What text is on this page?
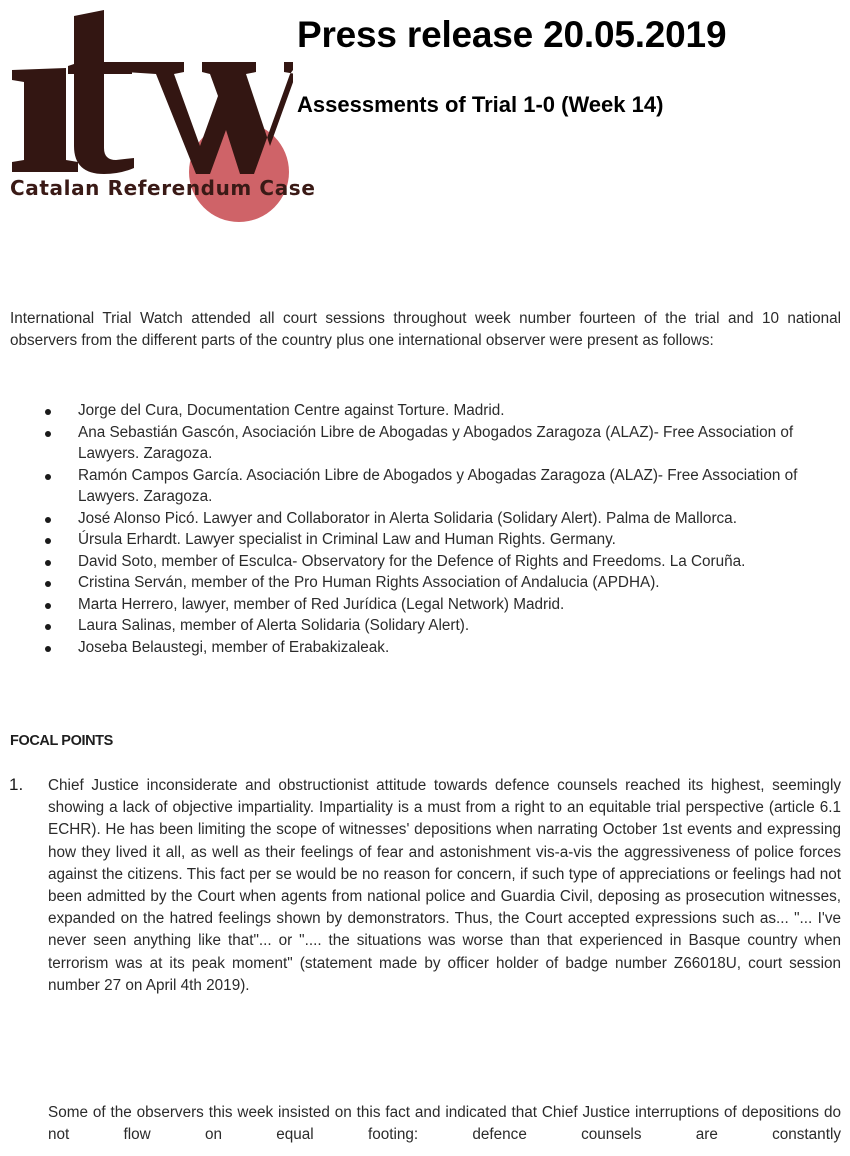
Catalan Referendum Case
Press release 20.05.2019
Assessments of Trial 1-0 (Week 14)

International Trial Watch attended all court sessions throughout week number fourteen of the trial and 10 national observers from the different parts of the country plus one international observer were present as follows:

Jorge del Cura, Documentation Centre against Torture. Madrid.
Ana Sebastián Gascón, Asociación Libre de Abogadas y Abogados Zaragoza (ALAZ)- Free Association of Lawyers. Zaragoza.
Ramón Campos García. Asociación Libre de Abogados y Abogadas Zaragoza (ALAZ)- Free Association of Lawyers. Zaragoza.
José Alonso Picó. Lawyer and Collaborator in Alerta Solidaria (Solidary Alert). Palma de Mallorca.
Úrsula Erhardt. Lawyer specialist in Criminal Law and Human Rights. Germany.
David Soto, member of Esculca- Observatory for the Defence of Rights and Freedoms. La Coruña.
Cristina Serván, member of the Pro Human Rights Association of Andalucia (APDHA).
Marta Herrero, lawyer, member of Red Jurídica (Legal Network) Madrid.
Laura Salinas, member of Alerta Solidaria (Solidary Alert).
Joseba Belaustegi, member of Erabakizaleak.
FOCAL POINTS
1. Chief Justice inconsiderate and obstructionist attitude towards defence counsels reached its highest, seemingly showing a lack of objective impartiality. Impartiality is a must from a right to an equitable trial perspective (article 6.1 ECHR). He has been limiting the scope of witnesses' depositions when narrating October 1st events and expressing how they lived it all, as well as their feelings of fear and astonishment vis-a-vis the aggressiveness of police forces against the citizens. This fact per se would be no reason for concern, if such type of appreciations or feelings had not been admitted by the Court when agents from national police and Guardia Civil, deposing as prosecution witnesses, expanded on the hatred feelings shown by demonstrators. Thus, the Court accepted expressions such as... "... I've never seen anything like that"... or ".... the situations was worse than that experienced in Basque country when terrorism was at its peak moment" (statement made by officer holder of badge number Z66018U, court session number 27 on April 4th 2019).

Some of the observers this week insisted on this fact and indicated that Chief Justice interruptions of depositions do not flow on equal footing: defence counsels are constantly
